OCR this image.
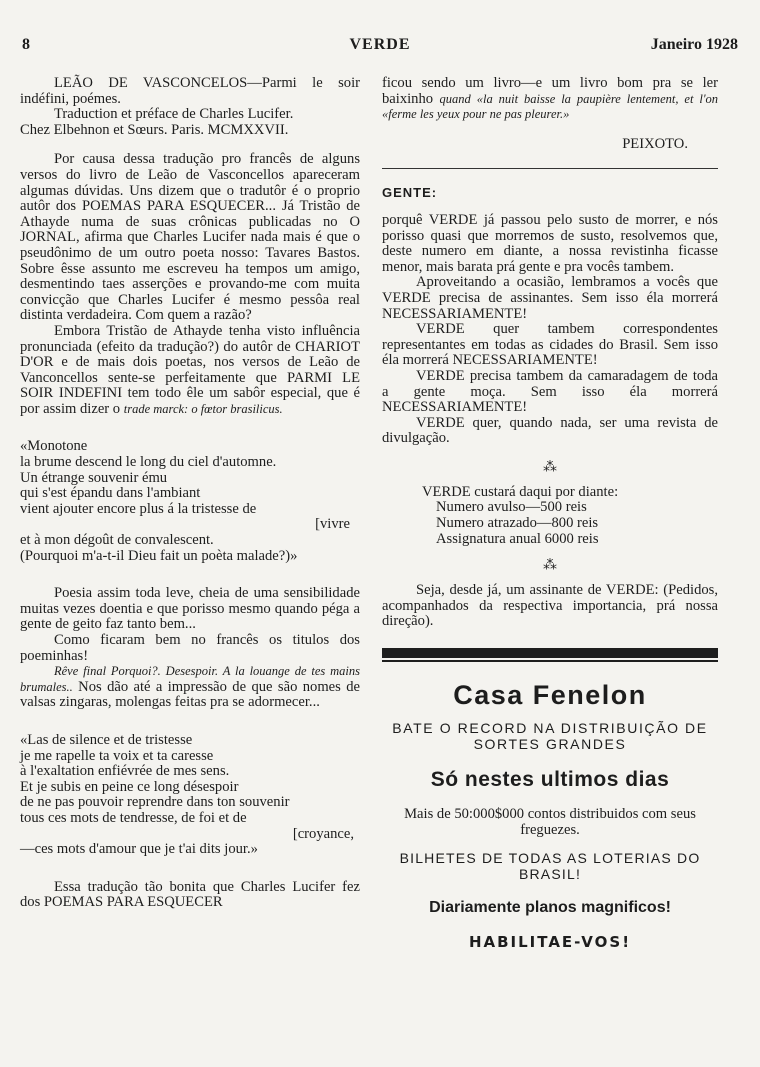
8	VERDE	Janeiro 1928

LEÃO DE VASCONCELOS—Parmi le soir indéfini, poémes.

Traduction et préface de Charles Lucifer.

Chez Elbehnon et Sœurs. Paris. MCMXXVII.

Por causa dessa tradução pro francês de alguns versos do livro de Leão de Vasconcellos apareceram algumas dúvidas. Uns dizem que o tradutôr é o proprio autôr dos POEMAS PARA ESQUECER... Já Tristão de Athayde numa de suas crônicas publicadas no O JORNAL, afirma que Charles Lucifer nada mais é que o pseudônimo de um outro poeta nosso: Tavares Bastos. Sobre êsse assunto me escreveu ha tempos um amigo, desmentindo taes asserções e provando-me com muita convicção que Charles Lucifer é mesmo pessôa real distinta verdadeira. Com quem a razão?

Embora Tristão de Athayde tenha visto influência pronunciada (efeito da tradução?) do autôr de CHARIOT D'OR e de mais dois poetas, nos versos de Leão de Vanconcellos sente-se perfeitamente que PARMI LE SOIR INDEFINI tem todo êle um sabôr especial, que é por assim dizer o trade marck: o fœtor brasilicus.

«Monotone

la brume descend le long du ciel d'automne.

Un étrange souvenir ému

qui s'est épandu dans l'ambiant

vient ajouter encore plus á la tristesse de

[vivre

et à mon dégoût de convalescent.

(Pourquoi m'a-t-il Dieu fait un poèta malade?)»

Poesia assim toda leve, cheia de uma sensibilidade muitas vezes doentia e que porisso mesmo quando péga a gente de geito faz tanto bem...

Como ficaram bem no francês os titulos dos poeminhas!

Rêve final Porquoi?. Desespoir. A la louange de tes mains brumales.. Nos dão até a impressão de que são nomes de valsas zingaras, molengas feitas pra se adormecer...

«Las de silence et de tristesse

je me rapelle ta voix et ta caresse

à l'exaltation enfiévrée de mes sens.

Et je subis en peine ce long désespoir

de ne pas pouvoir reprendre dans ton souvenir

tous ces mots de tendresse, de foi et de

[croyance,

—ces mots d'amour que je t'ai dits jour.»

Essa tradução tão bonita que Charles Lucifer fez dos POEMAS PARA ESQUECER

ficou sendo um livro—e um livro bom pra se ler baixinho quand «la nuit baisse la paupière lentement, et l'on «ferme les yeux pour ne pas pleurer.»

PEIXOTO.

GENTE:

porquê VERDE já passou pelo susto de morrer, e nós porisso quasi que morremos de susto, resolvemos que, deste numero em diante, a nossa revistinha ficasse menor, mais barata prá gente e pra vocês tambem.

Aproveitando a ocasião, lembramos a vocês que VERDE precisa de assinantes. Sem isso éla morrerá NECESSARIAMENTE!

VERDE quer tambem correspondentes representantes em todas as cidades do Brasil. Sem isso éla morrerá NECESSARIAMENTE!

VERDE precisa tambem da camaradagem de toda a gente moça. Sem isso éla morrerá NECESSARIAMENTE!

VERDE quer, quando nada, ser uma revista de divulgação.

⁂

VERDE custará daqui por diante:

Numero avulso—500 reis

Numero atrazado—800 reis

Assignatura anual 6000 reis

⁂

Seja, desde já, um assinante de VERDE: (Pedidos, acompanhados da respectiva importancia, prá nossa direção).

Casa Fenelon
BATE O RECORD NA DISTRIBUIÇÃO DE SORTES GRANDES
Só nestes ultimos dias
Mais de 50:000$000 contos distribuidos com seus freguezes.
BILHETES DE TODAS AS LOTERIAS DO BRASIL!
Diariamente planos magnificos!
HABILITAE-VOS!
